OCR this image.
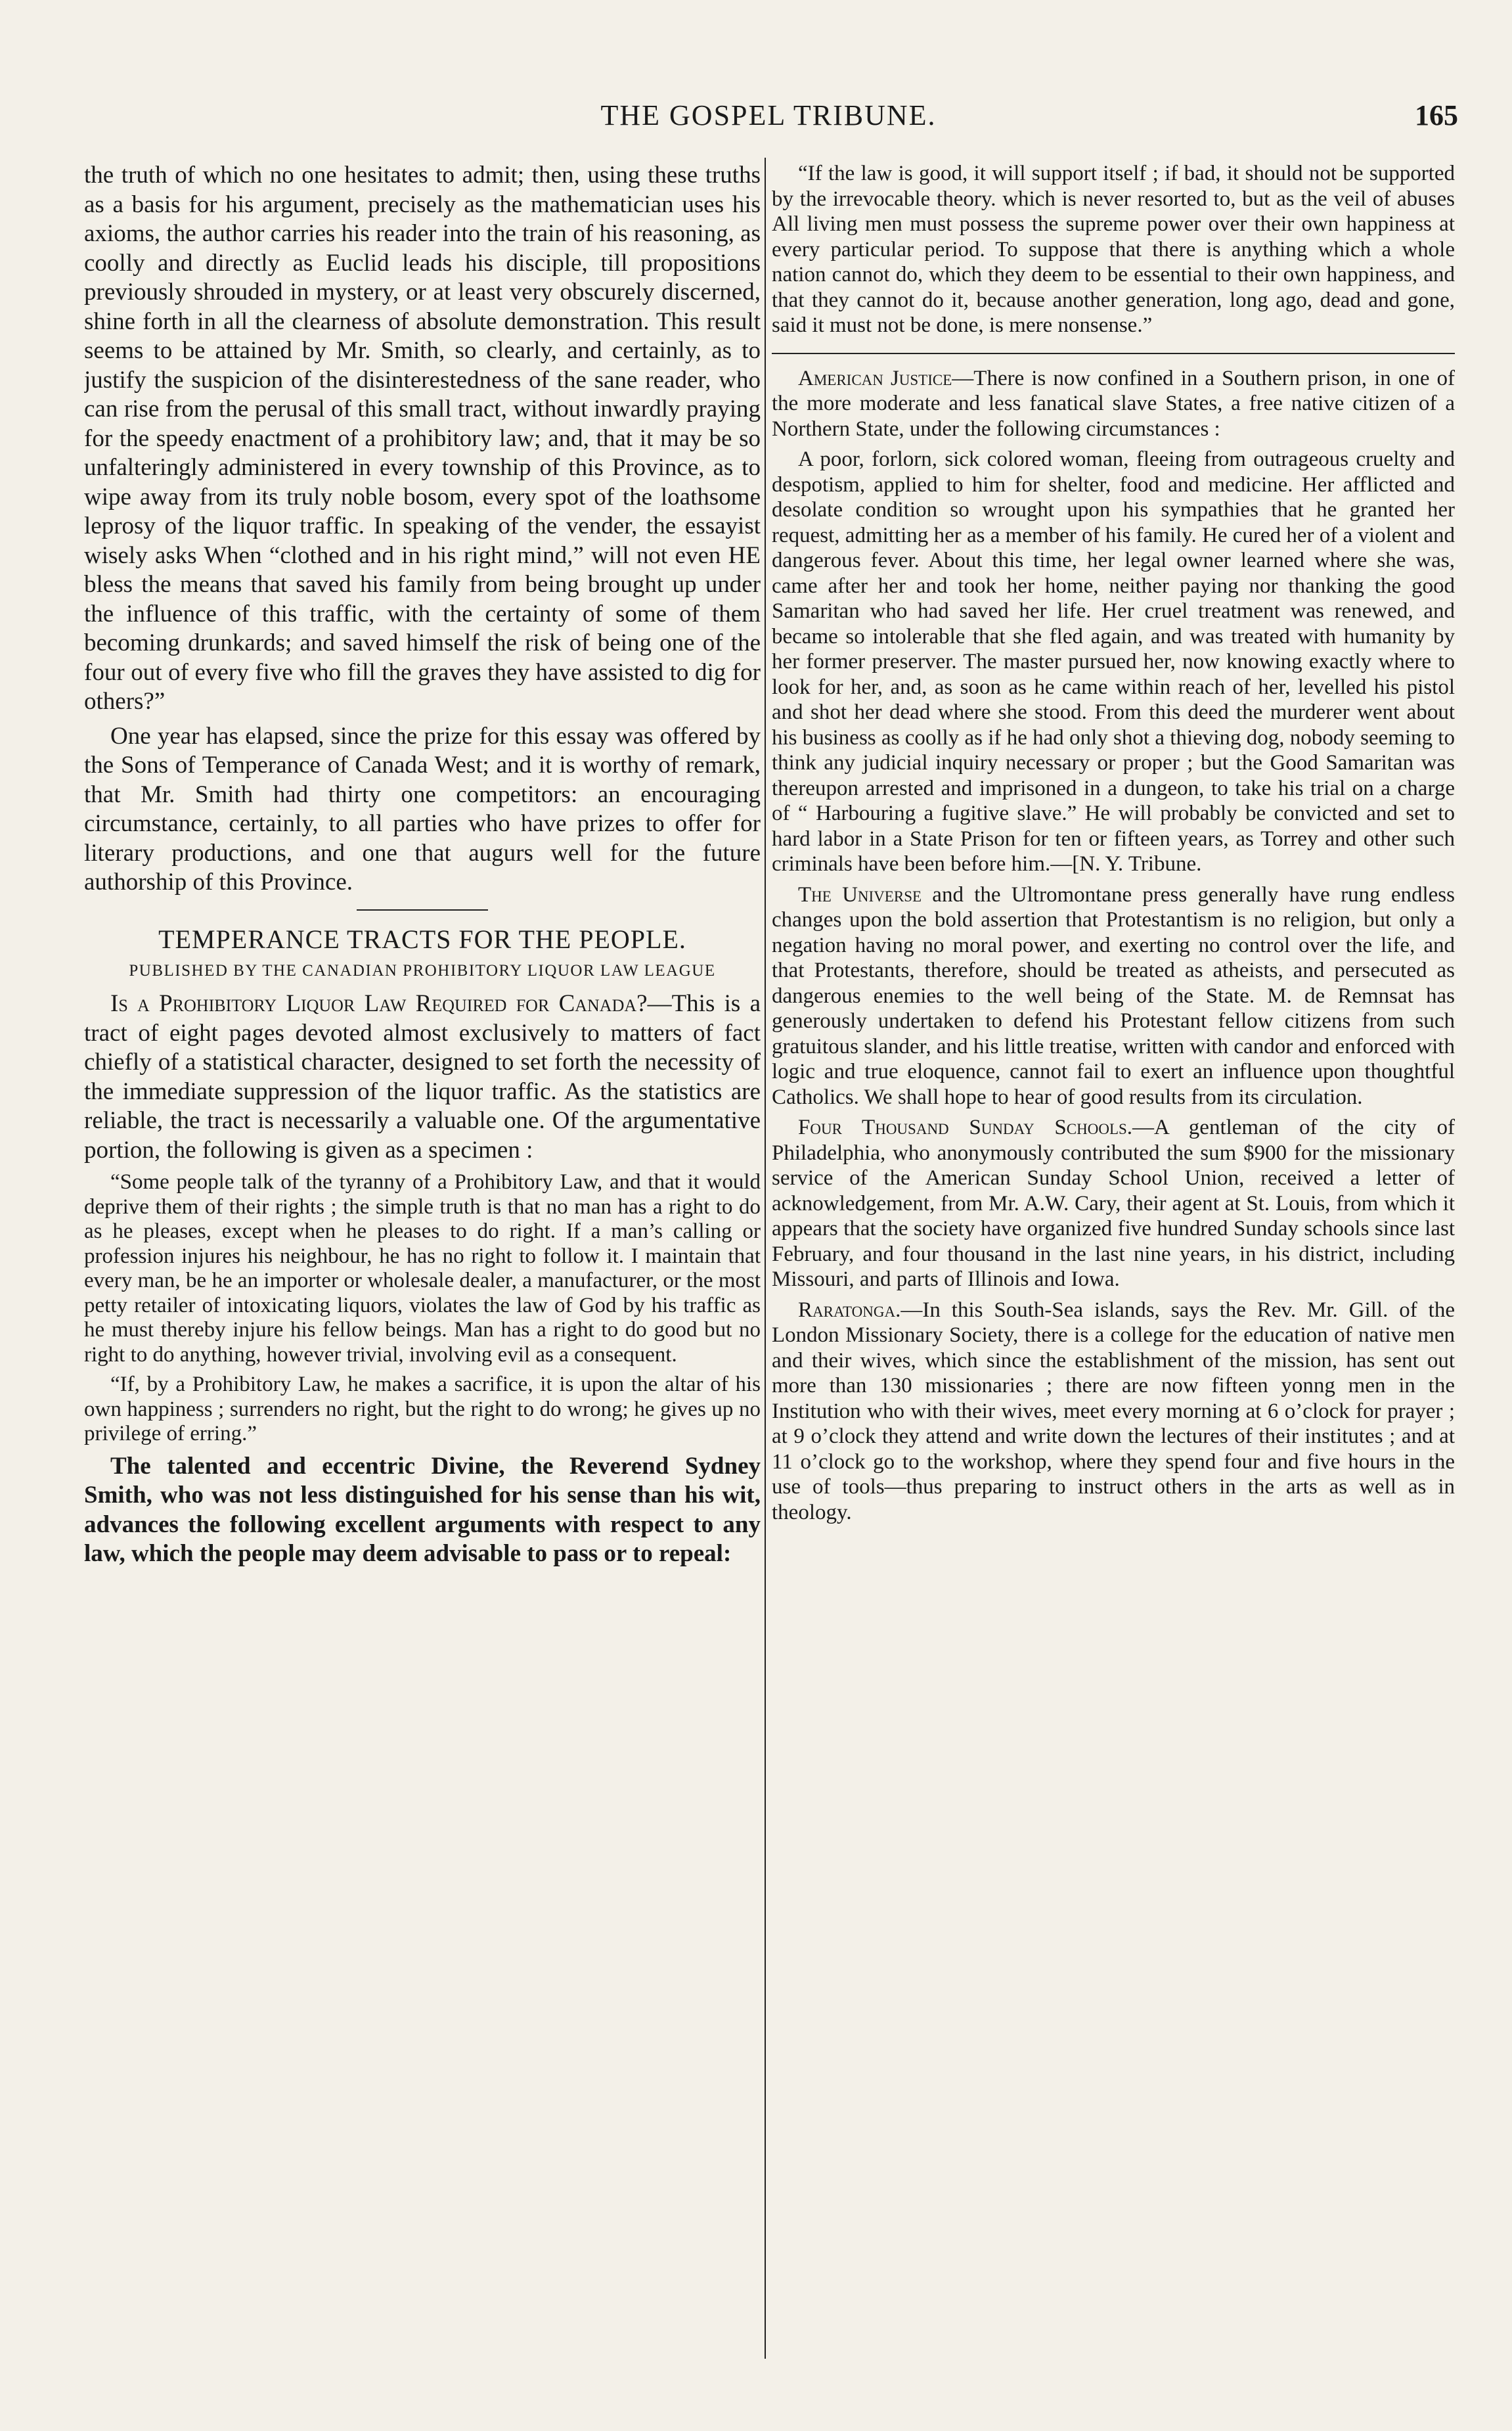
THE GOSPEL TRIBUNE.	165

the truth of which no one hesitates to admit; then, using these truths as a basis for his argument, precisely as the mathematician uses his axioms, the author carries his reader into the train of his reasoning, as coolly and directly as Euclid leads his disciple, till propositions previously shrouded in mystery, or at least very obscurely discerned, shine forth in all the clearness of absolute demonstration. This result seems to be attained by Mr. Smith, so clearly, and certainly, as to justify the suspicion of the disinterestedness of the sane reader, who can rise from the perusal of this small tract, without inwardly praying for the speedy enactment of a prohibitory law; and, that it may be so unfalteringly administered in every township of this Province, as to wipe away from its truly noble bosom, every spot of the loathsome leprosy of the liquor traffic. In speaking of the vender, the essayist wisely asks When “clothed and in his right mind,” will not even HE bless the means that saved his family from being brought up under the influence of this traffic, with the certainty of some of them becoming drunkards; and saved himself the risk of being one of the four out of every five who fill the graves they have assisted to dig for others?”

One year has elapsed, since the prize for this essay was offered by the Sons of Temperance of Canada West; and it is worthy of remark, that Mr. Smith had thirty one competitors: an encouraging circumstance, certainly, to all parties who have prizes to offer for literary productions, and one that augurs well for the future authorship of this Province.

TEMPERANCE TRACTS FOR THE PEOPLE.
PUBLISHED BY THE CANADIAN PROHIBITORY LIQUOR LAW LEAGUE

Is a Prohibitory Liquor Law Required for Canada?—This is a tract of eight pages devoted almost exclusively to matters of fact chiefly of a statistical character, designed to set forth the necessity of the immediate suppression of the liquor traffic. As the statistics are reliable, the tract is necessarily a valuable one. Of the argumentative portion, the following is given as a specimen :

“Some people talk of the tyranny of a Prohibitory Law, and that it would deprive them of their rights ; the simple truth is that no man has a right to do as he pleases, except when he pleases to do right. If a man’s calling or profession injures his neighbour, he has no right to follow it. I maintain that every man, be he an importer or wholesale dealer, a manufacturer, or the most petty retailer of intoxicating liquors, violates the law of God by his traffic as he must thereby injure his fellow beings. Man has a right to do good but no right to do anything, however trivial, involving evil as a consequent.

“If, by a Prohibitory Law, he makes a sacrifice, it is upon the altar of his own happiness ; surrenders no right, but the right to do wrong; he gives up no privilege of erring.”

The talented and eccentric Divine, the Reverend Sydney Smith, who was not less distinguished for his sense than his wit, advances the following excellent arguments with respect to any law, which the people may deem advisable to pass or to repeal:

“If the law is good, it will support itself ; if bad, it should not be supported by the irrevocable theory. which is never resorted to, but as the veil of abuses All living men must possess the supreme power over their own happiness at every particular period. To suppose that there is anything which a whole nation cannot do, which they deem to be essential to their own happiness, and that they cannot do it, because another generation, long ago, dead and gone, said it must not be done, is mere nonsense.”

American Justice—There is now confined in a Southern prison, in one of the more moderate and less fanatical slave States, a free native citizen of a Northern State, under the following circumstances :

A poor, forlorn, sick colored woman, fleeing from outrageous cruelty and despotism, applied to him for shelter, food and medicine. Her afflicted and desolate condition so wrought upon his sympathies that he granted her request, admitting her as a member of his family. He cured her of a violent and dangerous fever. About this time, her legal owner learned where she was, came after her and took her home, neither paying nor thanking the good Samaritan who had saved her life. Her cruel treatment was renewed, and became so intolerable that she fled again, and was treated with humanity by her former preserver. The master pursued her, now knowing exactly where to look for her, and, as soon as he came within reach of her, levelled his pistol and shot her dead where she stood. From this deed the murderer went about his business as coolly as if he had only shot a thieving dog, nobody seeming to think any judicial inquiry necessary or proper ; but the Good Samaritan was thereupon arrested and imprisoned in a dungeon, to take his trial on a charge of “ Harbouring a fugitive slave.” He will probably be convicted and set to hard labor in a State Prison for ten or fifteen years, as Torrey and other such criminals have been before him.—[N. Y. Tribune.

The Universe and the Ultromontane press generally have rung endless changes upon the bold assertion that Protestantism is no religion, but only a negation having no moral power, and exerting no control over the life, and that Protestants, therefore, should be treated as atheists, and persecuted as dangerous enemies to the well being of the State. M. de Remnsat has generously undertaken to defend his Protestant fellow citizens from such gratuitous slander, and his little treatise, written with candor and enforced with logic and true eloquence, cannot fail to exert an influence upon thoughtful Catholics. We shall hope to hear of good results from its circulation.

Four Thousand Sunday Schools.—A gentleman of the city of Philadelphia, who anonymously contributed the sum $900 for the missionary service of the American Sunday School Union, received a letter of acknowledgement, from Mr. A.W. Cary, their agent at St. Louis, from which it appears that the society have organized five hundred Sunday schools since last February, and four thousand in the last nine years, in his district, including Missouri, and parts of Illinois and Iowa.

Raratonga.—In this South-Sea islands, says the Rev. Mr. Gill. of the London Missionary Society, there is a college for the education of native men and their wives, which since the establishment of the mission, has sent out more than 130 missionaries ; there are now fifteen yonng men in the Institution who with their wives, meet every morning at 6 o’clock for prayer ; at 9 o’clock they attend and write down the lectures of their institutes ; and at 11 o’clock go to the workshop, where they spend four and five hours in the use of tools—thus preparing to instruct others in the arts as well as in theology.
